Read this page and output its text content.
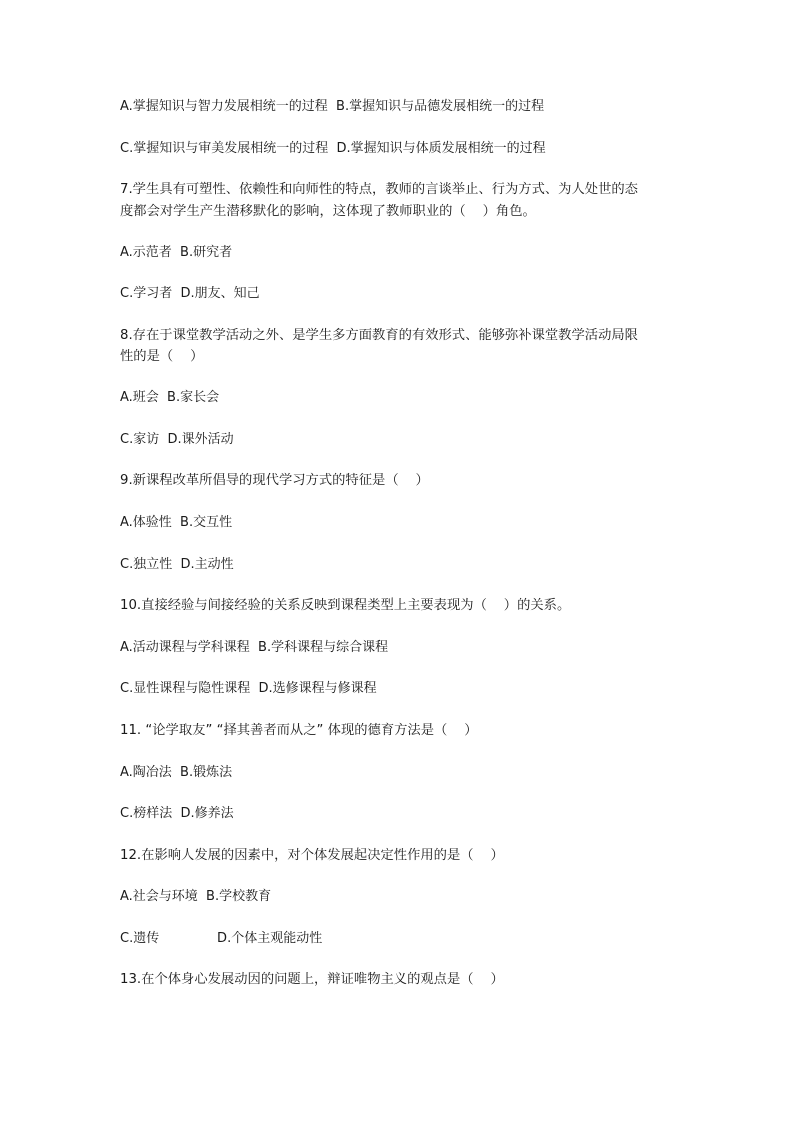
A.掌握知识与智力发展相统一的过程  B.掌握知识与品德发展相统一的过程
C.掌握知识与审美发展相统一的过程  D.掌握知识与体质发展相统一的过程
7.学生具有可塑性、依赖性和向师性的特点，教师的言谈举止、行为方式、为人处世的态
度都会对学生产生潜移默化的影响，这体现了教师职业的（    ）角色。
A.示范者  B.研究者
C.学习者  D.朋友、知己
8.存在于课堂教学活动之外、是学生多方面教育的有效形式、能够弥补课堂教学活动局限
性的是（    ）
A.班会  B.家长会
C.家访  D.课外活动
9.新课程改革所倡导的现代学习方式的特征是（    ）
A.体验性  B.交互性
C.独立性  D.主动性
10.直接经验与间接经验的关系反映到课程类型上主要表现为（    ）的关系。
A.活动课程与学科课程  B.学科课程与综合课程
C.显性课程与隐性课程  D.选修课程与修课程
11. “论学取友” “择其善者而从之” 体现的德育方法是（    ）
A.陶冶法  B.锻炼法
C.榜样法  D.修养法
12.在影响人发展的因素中，对个体发展起决定性作用的是（    ）
A.社会与环境  B.学校教育
C.遗传              D.个体主观能动性
13.在个体身心发展动因的问题上，辩证唯物主义的观点是（    ）
